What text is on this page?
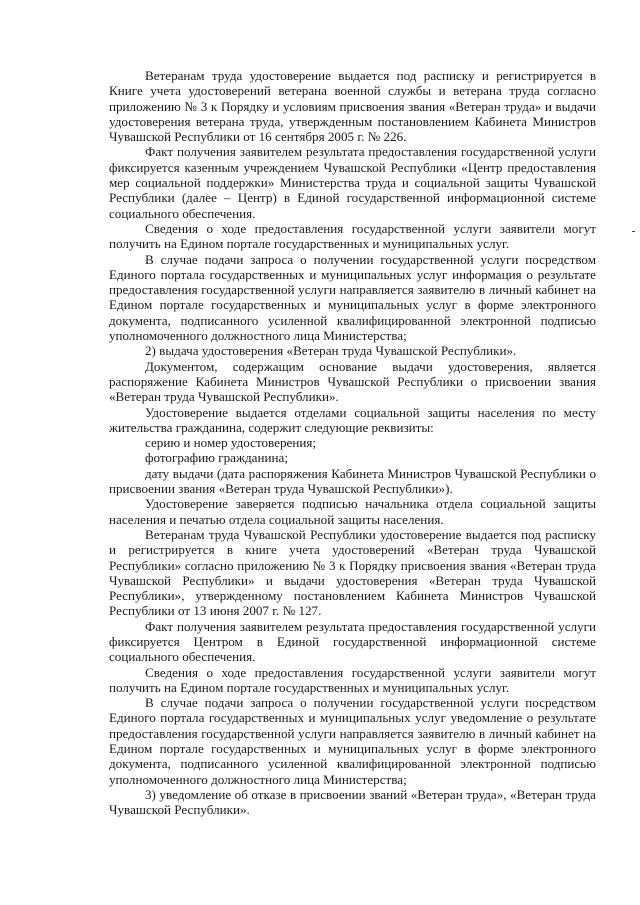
Ветеранам труда удостоверение выдается под расписку и регистрируется в Книге учета удостоверений ветерана военной службы и ветерана труда согласно приложению № 3 к Порядку и условиям присвоения звания «Ветеран труда» и выдачи удостоверения ветерана труда, утвержденным постановлением Кабинета Министров Чувашской Республики от 16 сентября 2005 г. № 226.

Факт получения заявителем результата предоставления государственной услуги фиксируется казенным учреждением Чувашской Республики «Центр предоставления мер социальной поддержки» Министерства труда и социальной защиты Чувашской Республики (далее – Центр) в Единой государственной информационной системе социального обеспечения.

Сведения о ходе предоставления государственной услуги заявители могут получить на Едином портале государственных и муниципальных услуг.

В случае подачи запроса о получении государственной услуги посредством Единого портала государственных и муниципальных услуг информация о результате предоставления государственной услуги направляется заявителю в личный кабинет на Едином портале государственных и муниципальных услуг в форме электронного документа, подписанного усиленной квалифицированной электронной подписью уполномоченного должностного лица Министерства;

2) выдача удостоверения «Ветеран труда Чувашской Республики».

Документом, содержащим основание выдачи удостоверения, является распоряжение Кабинета Министров Чувашской Республики о присвоении звания «Ветеран труда Чувашской Республики».

Удостоверение выдается отделами социальной защиты населения по месту жительства гражданина, содержит следующие реквизиты:

серию и номер удостоверения;

фотографию гражданина;

дату выдачи (дата распоряжения Кабинета Министров Чувашской Республики о присвоении звания «Ветеран труда Чувашской Республики»).

Удостоверение заверяется подписью начальника отдела социальной защиты населения и печатью отдела социальной защиты населения.

Ветеранам труда Чувашской Республики удостоверение выдается под расписку и регистрируется в книге учета удостоверений «Ветеран труда Чувашской Республики» согласно приложению № 3 к Порядку присвоения звания «Ветеран труда Чувашской Республики» и выдачи удостоверения «Ветеран труда Чувашской Республики», утвержденному постановлением Кабинета Министров Чувашской Республики от 13 июня 2007 г. № 127.

Факт получения заявителем результата предоставления государственной услуги фиксируется Центром в Единой государственной информационной системе социального обеспечения.

Сведения о ходе предоставления государственной услуги заявители могут получить на Едином портале государственных и муниципальных услуг.

В случае подачи запроса о получении государственной услуги посредством Единого портала государственных и муниципальных услуг уведомление о результате предоставления государственной услуги направляется заявителю в личный кабинет на Едином портале государственных и муниципальных услуг в форме электронного документа, подписанного усиленной квалифицированной электронной подписью уполномоченного должностного лица Министерства;

3) уведомление об отказе в присвоении званий «Ветеран труда», «Ветеран труда Чувашской Республики».
